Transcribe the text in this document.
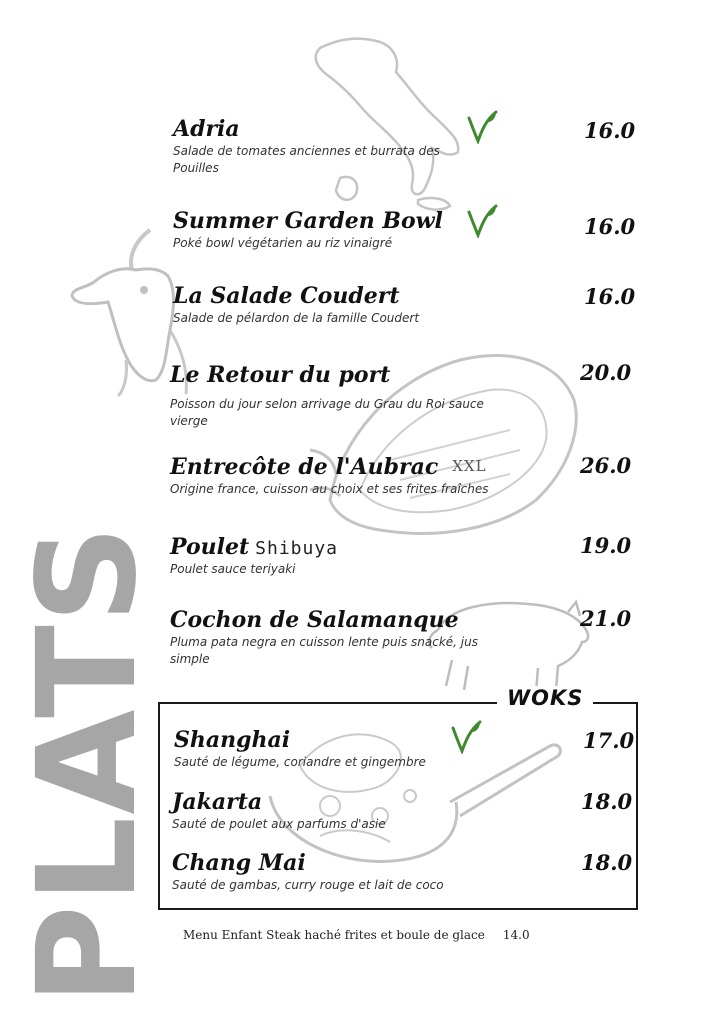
PLATS
Adria
Salade de tomates anciennes et burrata des Pouilles
16.0
Summer Garden Bowl
Poké bowl végétarien au riz vinaigré
16.0
La Salade Coudert
Salade de pélardon de la famille Coudert
16.0
Le Retour du port
Poisson du jour selon arrivage du Grau du Roi sauce vierge
20.0
Entrecôte de l'Aubrac XXL
Origine france, cuisson au choix et ses frites fraîches
26.0
Poulet Shibuya
Poulet sauce teriyaki
19.0
Cochon de Salamanque
Pluma pata negra en cuisson lente puis snacké, jus simple
21.0
WOKS
Shanghai
Sauté de légume, coriandre et gingembre
17.0
Jakarta
Sauté de poulet aux parfums d'asie
18.0
Chang Mai
Sauté de gambas, curry rouge et lait de coco
18.0
Menu Enfant Steak haché frites et boule de glace 14.0
